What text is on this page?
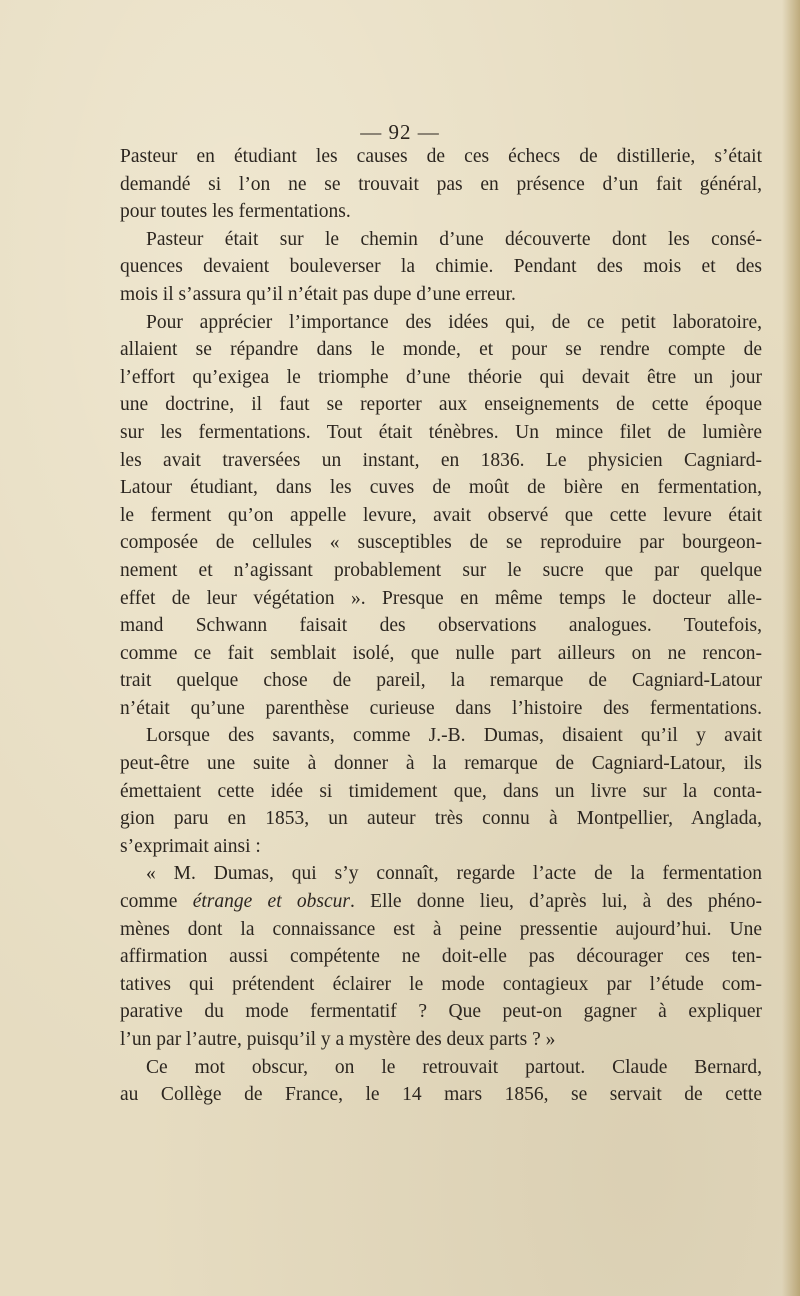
— 92 —
Pasteur en étudiant les causes de ces échecs de distillerie, s’était
demandé si l’on ne se trouvait pas en présence d’un fait général,
pour toutes les fermentations.
Pasteur était sur le chemin d’une découverte dont les consé-
quences devaient bouleverser la chimie. Pendant des mois et des
mois il s’assura qu’il n’était pas dupe d’une erreur.
Pour apprécier l’importance des idées qui, de ce petit laboratoire,
allaient se répandre dans le monde, et pour se rendre compte de
l’effort qu’exigea le triomphe d’une théorie qui devait être un jour
une doctrine, il faut se reporter aux enseignements de cette époque
sur les fermentations. Tout était ténèbres. Un mince filet de lumière
les avait traversées un instant, en 1836. Le physicien Cagniard-
Latour étudiant, dans les cuves de moût de bière en fermentation,
le ferment qu’on appelle levure, avait observé que cette levure était
composée de cellules « susceptibles de se reproduire par bourgeon-
nement et n’agissant probablement sur le sucre que par quelque
effet de leur végétation ». Presque en même temps le docteur alle-
mand Schwann faisait des observations analogues. Toutefois,
comme ce fait semblait isolé, que nulle part ailleurs on ne rencon-
trait quelque chose de pareil, la remarque de Cagniard-Latour
n’était qu’une parenthèse curieuse dans l’histoire des fermentations.
Lorsque des savants, comme J.-B. Dumas, disaient qu’il y avait
peut-être une suite à donner à la remarque de Cagniard-Latour, ils
émettaient cette idée si timidement que, dans un livre sur la conta-
gion paru en 1853, un auteur très connu à Montpellier, Anglada,
s’exprimait ainsi :
« M. Dumas, qui s’y connaît, regarde l’acte de la fermentation
comme étrange et obscur. Elle donne lieu, d’après lui, à des phéno-
mènes dont la connaissance est à peine pressentie aujourd’hui. Une
affirmation aussi compétente ne doit-elle pas décourager ces ten-
tatives qui prétendent éclairer le mode contagieux par l’étude com-
parative du mode fermentatif ? Que peut-on gagner à expliquer
l’un par l’autre, puisqu’il y a mystère des deux parts ? »
Ce mot obscur, on le retrouvait partout. Claude Bernard,
au Collège de France, le 14 mars 1856, se servait de cette
